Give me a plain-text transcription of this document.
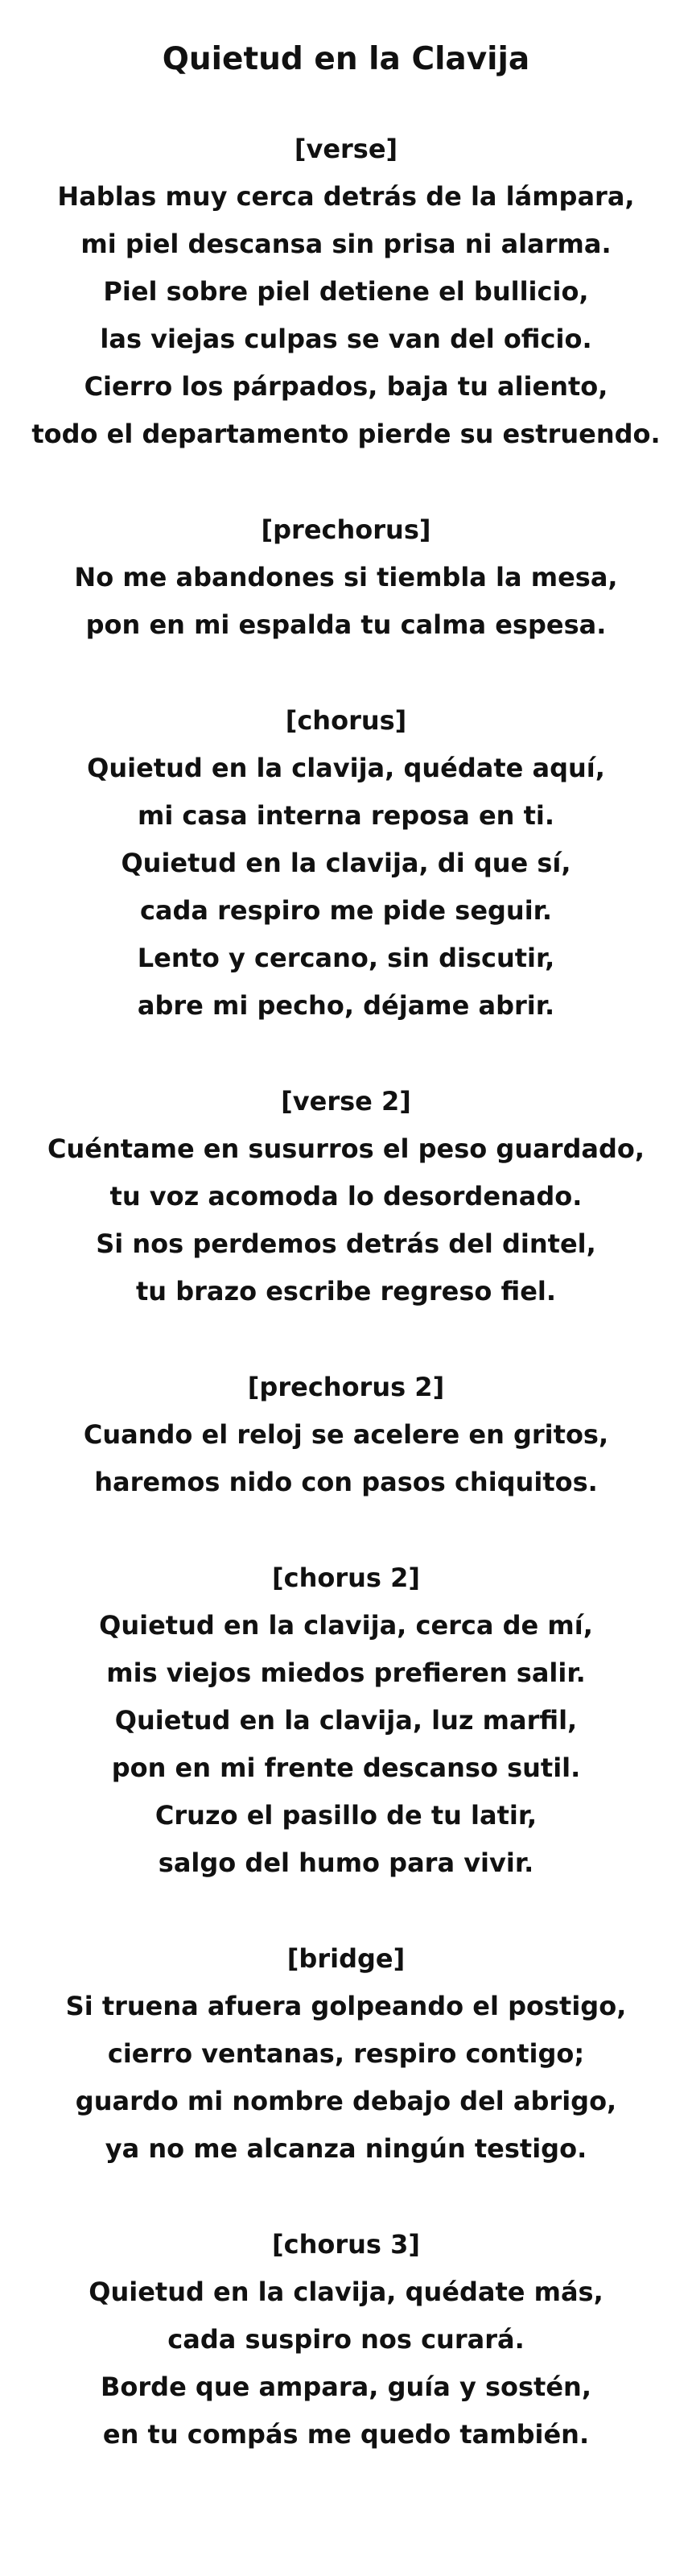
Quietud en la Clavija

[verse]

Hablas muy cerca detrás de la lámpara,

mi piel descansa sin prisa ni alarma.

Piel sobre piel detiene el bullicio,

las viejas culpas se van del oficio.

Cierro los párpados, baja tu aliento,

todo el departamento pierde su estruendo.

[prechorus]

No me abandones si tiembla la mesa,

pon en mi espalda tu calma espesa.

[chorus]

Quietud en la clavija, quédate aquí,

mi casa interna reposa en ti.

Quietud en la clavija, di que sí,

cada respiro me pide seguir.

Lento y cercano, sin discutir,

abre mi pecho, déjame abrir.

[verse 2]

Cuéntame en susurros el peso guardado,

tu voz acomoda lo desordenado.

Si nos perdemos detrás del dintel,

tu brazo escribe regreso fiel.

[prechorus 2]

Cuando el reloj se acelere en gritos,

haremos nido con pasos chiquitos.

[chorus 2]

Quietud en la clavija, cerca de mí,

mis viejos miedos prefieren salir.

Quietud en la clavija, luz marfil,

pon en mi frente descanso sutil.

Cruzo el pasillo de tu latir,

salgo del humo para vivir.

[bridge]

Si truena afuera golpeando el postigo,

cierro ventanas, respiro contigo;

guardo mi nombre debajo del abrigo,

ya no me alcanza ningún testigo.

[chorus 3]

Quietud en la clavija, quédate más,

cada suspiro nos curará.

Borde que ampara, guía y sostén,

en tu compás me quedo también.
